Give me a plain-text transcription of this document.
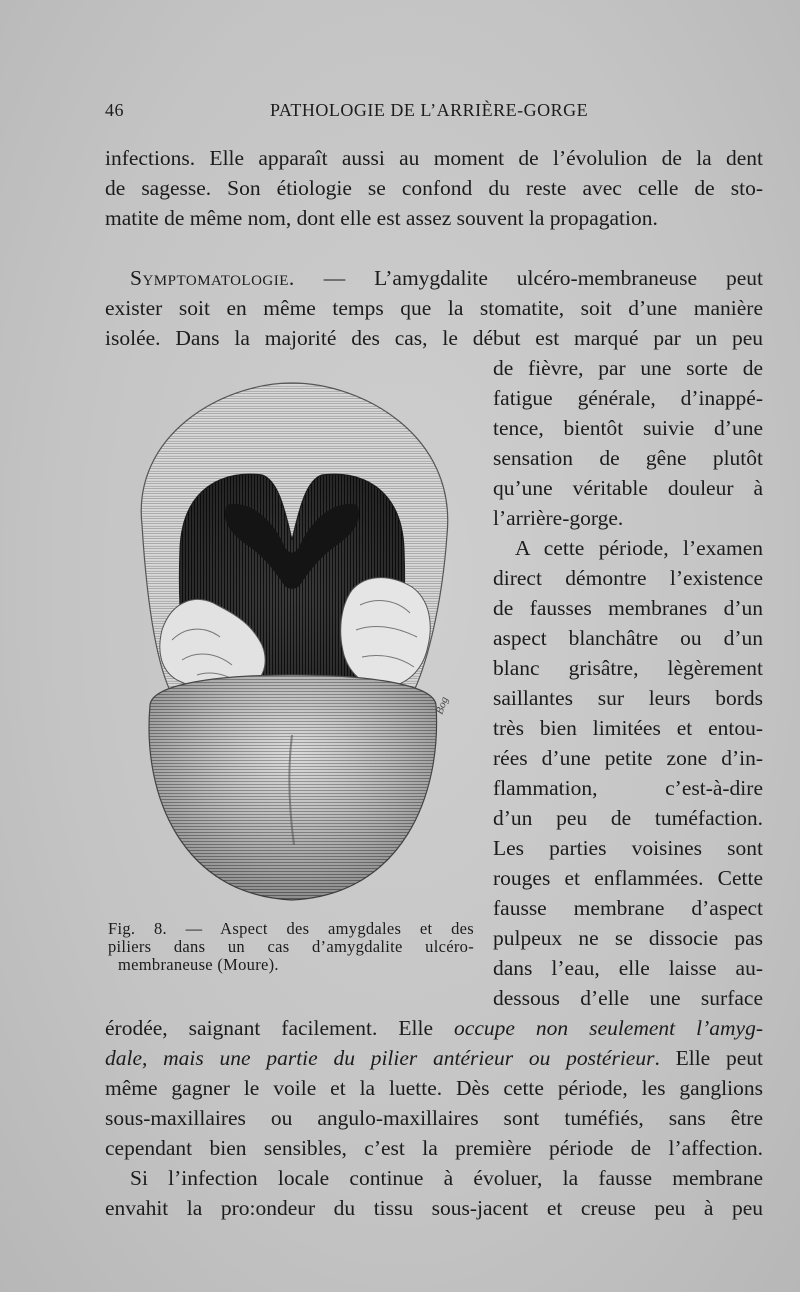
46	PATHOLOGIE DE L’ARRIÈRE-GORGE
infections. Elle apparaît aussi au moment de l’évolulion de la dent
de sagesse. Son étiologie se confond du reste avec celle de sto-
matite de même nom, dont elle est assez souvent la propagation.
Symptomatologie. — L’amygdalite ulcéro-membraneuse peut
exister soit en même temps que la stomatite, soit d’une manière
isolée. Dans la majorité des cas, le début est marqué par un peu
de fièvre, par une sorte de
fatigue générale, d’inappé-
tence, bientôt suivie d’une
sensation de gêne plutôt
qu’une véritable douleur à
l’arrière-gorge.
A cette période, l’examen
direct démontre l’existence
de fausses membranes d’un
aspect blanchâtre ou d’un
blanc grisâtre, lègèrement
saillantes sur leurs bords
très bien limitées et entou-
rées d’une petite zone d’in-
flammation, c’est-à-dire
d’un peu de tuméfaction.
Les parties voisines sont
rouges et enflammées. Cette
fausse membrane d’aspect
pulpeux ne se dissocie pas
dans l’eau, elle laisse au-
dessous d’elle une surface
Bog
Fig. 8. — Aspect des amygdales et des
piliers dans un cas d’amygdalite ulcéro-
membraneuse (Moure).
érodée, saignant facilement. Elle occupe non seulement l’amyg-
dale, mais une partie du pilier antérieur ou postérieur. Elle peut
même gagner le voile et la luette. Dès cette période, les ganglions
sous-maxillaires ou angulo-maxillaires sont tuméfiés, sans être
cependant bien sensibles, c’est la première période de l’affection.
Si l’infection locale continue à évoluer, la fausse membrane
envahit la pro:ondeur du tissu sous-jacent et creuse peu à peu
